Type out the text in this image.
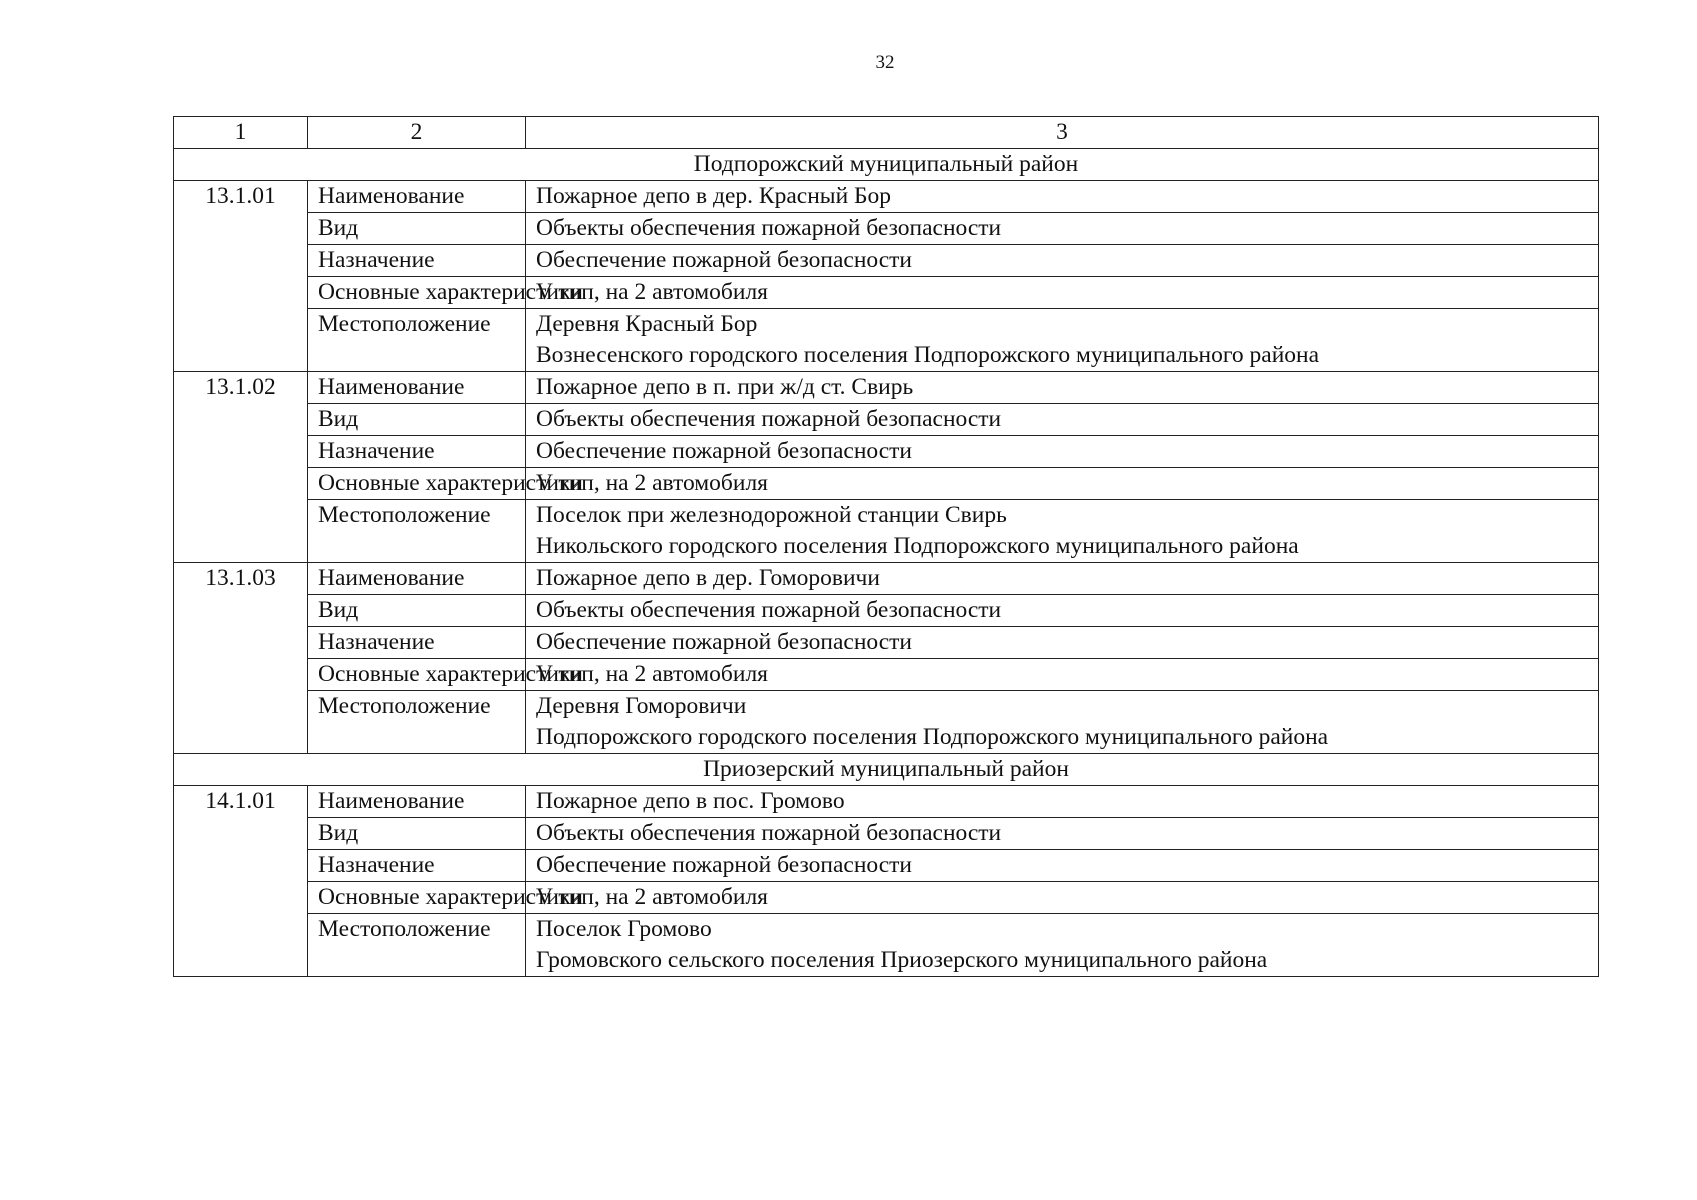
32
1	2	3
Подпорожский муниципальный район		
13.1.01	Наименование	Пожарное депо в дер. Красный Бор

	Вид	Объекты обеспечения пожарной безопасности

	Назначение	Обеспечение пожарной безопасности

	Основные характеристики	V тип, на 2 автомобиля

	Местоположение	Деревня Красный Бор
Вознесенского городского поселения Подпорожского муниципального района

13.1.02	Наименование	Пожарное депо в п. при ж/д ст. Свирь

	Вид	Объекты обеспечения пожарной безопасности

	Назначение	Обеспечение пожарной безопасности

	Основные характеристики	V тип, на 2 автомобиля

	Местоположение	Поселок при железнодорожной станции Свирь
Никольского городского поселения Подпорожского муниципального района

13.1.03	Наименование	Пожарное депо в дер. Гоморовичи

	Вид	Объекты обеспечения пожарной безопасности

	Назначение	Обеспечение пожарной безопасности

	Основные характеристики	V тип, на 2 автомобиля

	Местоположение	Деревня Гоморовичи
Подпорожского городского поселения Подпорожского муниципального района

Приозерский муниципальный район		
14.1.01	Наименование	Пожарное депо в пос. Громово

	Вид	Объекты обеспечения пожарной безопасности

	Назначение	Обеспечение пожарной безопасности

	Основные характеристики	V тип, на 2 автомобиля

	Местоположение	Поселок Громово
Громовского сельского поселения Приозерского муниципального района
